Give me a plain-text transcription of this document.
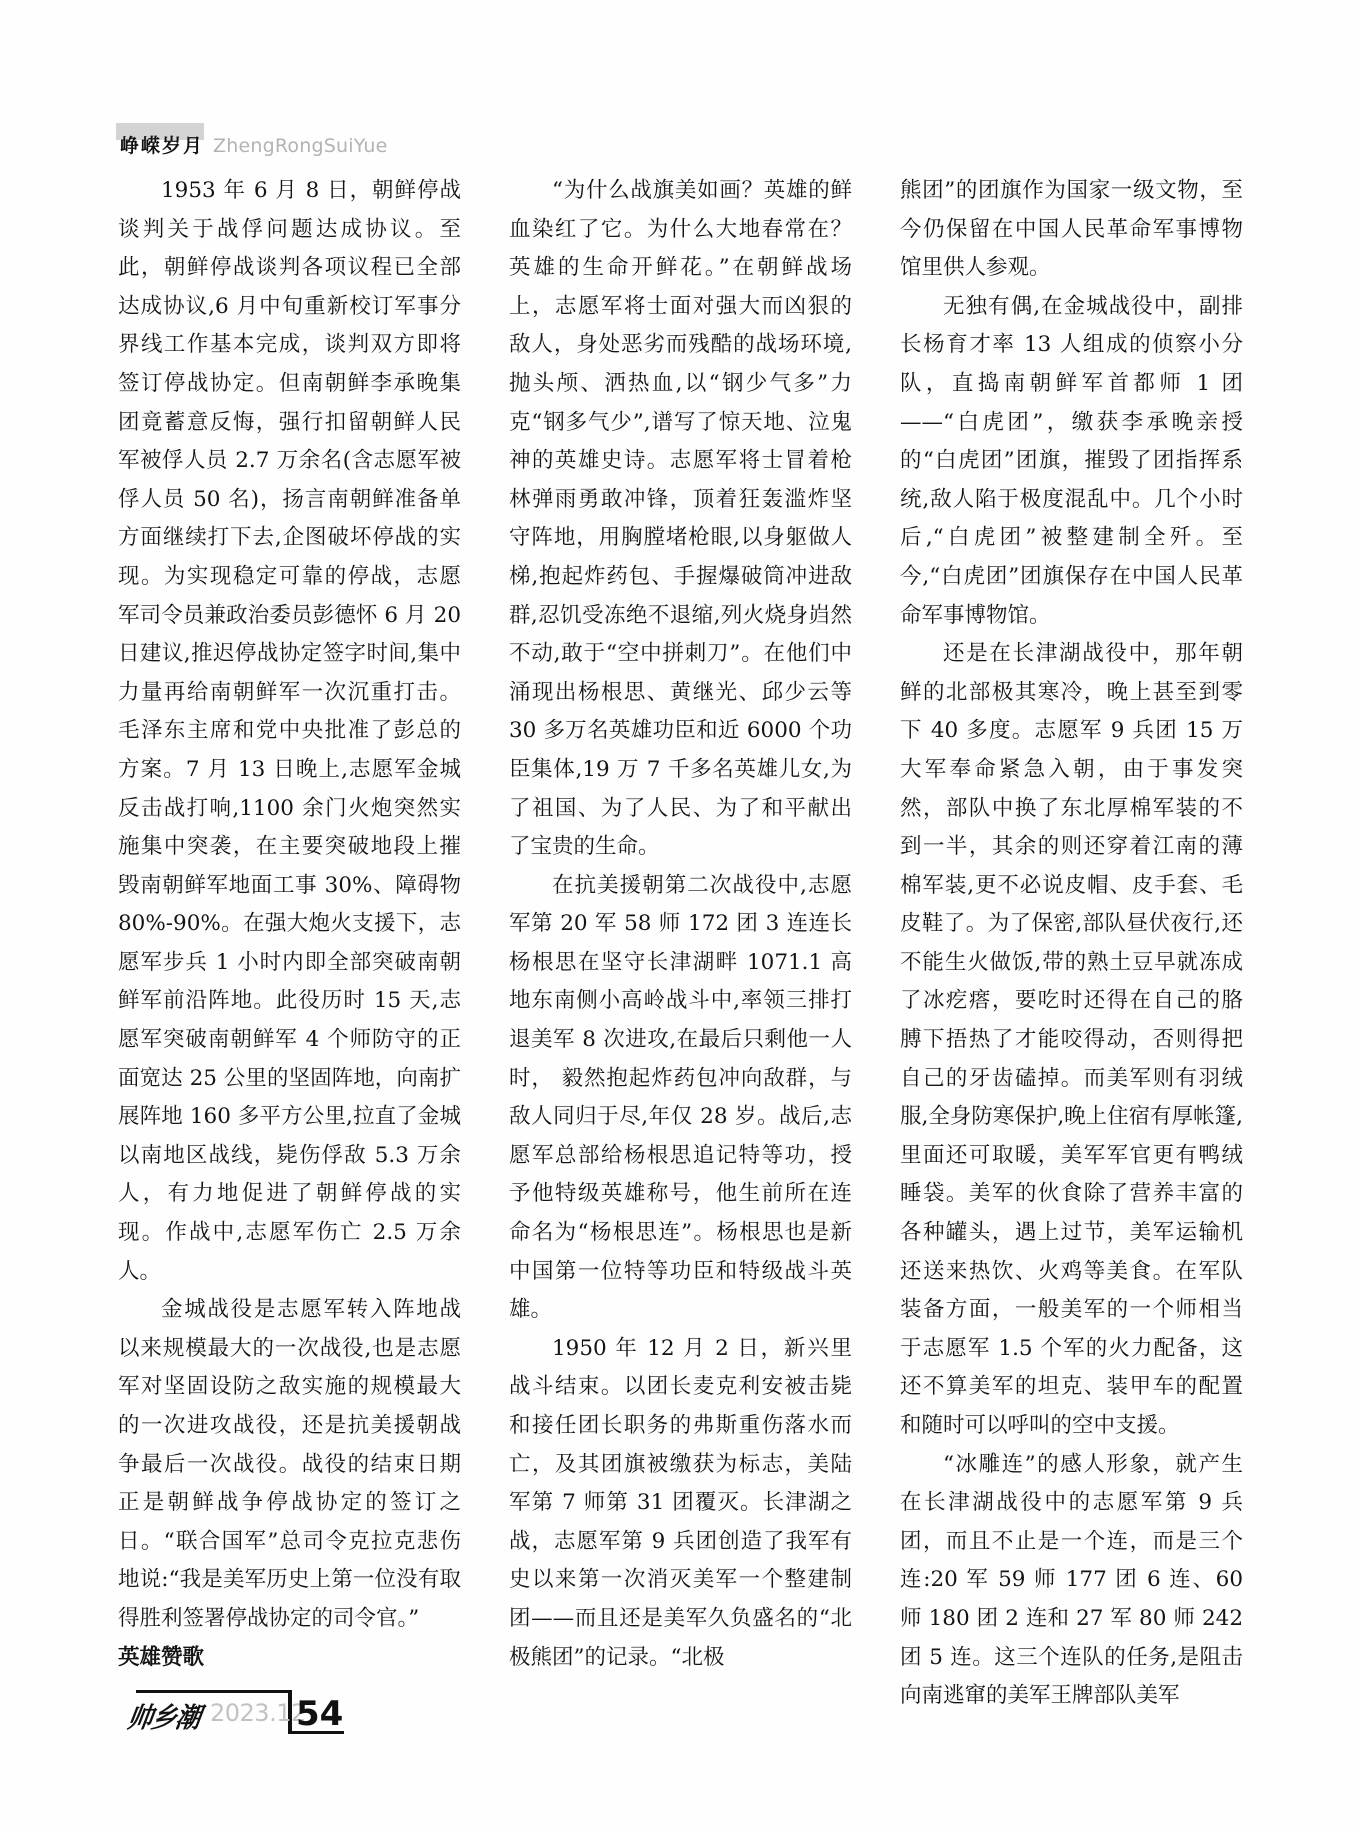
峥嵘岁月 ZhengRongSuiYue

1953 年 6 月 8 日，朝鲜停战谈判关于战俘问题达成协议。至此，朝鲜停战谈判各项议程已全部达成协议,6 月中旬重新校订军事分界线工作基本完成，谈判双方即将签订停战协定。但南朝鲜李承晚集团竟蓄意反悔，强行扣留朝鲜人民军被俘人员 2.7 万余名(含志愿军被俘人员 50 名)，扬言南朝鲜准备单方面继续打下去,企图破坏停战的实现。为实现稳定可靠的停战，志愿军司令员兼政治委员彭德怀 6 月 20 日建议,推迟停战协定签字时间,集中力量再给南朝鲜军一次沉重打击。毛泽东主席和党中央批准了彭总的方案。7 月 13 日晚上,志愿军金城反击战打响,1100 余门火炮突然实施集中突袭，在主要突破地段上摧毁南朝鲜军地面工事 30%、障碍物 80%-90%。在强大炮火支援下，志愿军步兵 1 小时内即全部突破南朝鲜军前沿阵地。此役历时 15 天,志愿军突破南朝鲜军 4 个师防守的正面宽达 25 公里的坚固阵地，向南扩展阵地 160 多平方公里,拉直了金城以南地区战线，毙伤俘敌 5.3 万余人，有力地促进了朝鲜停战的实现。作战中,志愿军伤亡 2.5 万余人。

金城战役是志愿军转入阵地战以来规模最大的一次战役,也是志愿军对坚固设防之敌实施的规模最大的一次进攻战役，还是抗美援朝战争最后一次战役。战役的结束日期正是朝鲜战争停战协定的签订之日。“联合国军”总司令克拉克悲伤地说:“我是美军历史上第一位没有取得胜利签署停战协定的司令官。”

英雄赞歌

“为什么战旗美如画？英雄的鲜血染红了它。为什么大地春常在？英雄的生命开鲜花。”在朝鲜战场上，志愿军将士面对强大而凶狠的敌人，身处恶劣而残酷的战场环境,抛头颅、洒热血,以“钢少气多”力克“钢多气少”,谱写了惊天地、泣鬼神的英雄史诗。志愿军将士冒着枪林弹雨勇敢冲锋，顶着狂轰滥炸坚守阵地，用胸膛堵枪眼,以身躯做人梯,抱起炸药包、手握爆破筒冲进敌群,忍饥受冻绝不退缩,列火烧身岿然不动,敢于“空中拼刺刀”。在他们中涌现出杨根思、黄继光、邱少云等 30 多万名英雄功臣和近 6000 个功臣集体,19 万 7 千多名英雄儿女,为了祖国、为了人民、为了和平献出了宝贵的生命。

在抗美援朝第二次战役中,志愿军第 20 军 58 师 172 团 3 连连长杨根思在坚守长津湖畔 1071.1 高地东南侧小高岭战斗中,率领三排打退美军 8 次进攻,在最后只剩他一人时， 毅然抱起炸药包冲向敌群，与敌人同归于尽,年仅 28 岁。战后,志愿军总部给杨根思追记特等功，授予他特级英雄称号，他生前所在连命名为“杨根思连”。杨根思也是新中国第一位特等功臣和特级战斗英雄。

1950 年 12 月 2 日，新兴里战斗结束。以团长麦克利安被击毙和接任团长职务的弗斯重伤落水而亡，及其团旗被缴获为标志，美陆军第 7 师第 31 团覆灭。长津湖之战，志愿军第 9 兵团创造了我军有史以来第一次消灭美军一个整建制团——而且还是美军久负盛名的“北极熊团”的记录。“北极

熊团”的团旗作为国家一级文物，至今仍保留在中国人民革命军事博物馆里供人参观。

无独有偶,在金城战役中，副排长杨育才率 13 人组成的侦察小分队，直捣南朝鲜军首都师 1 团——“白虎团”，缴获李承晚亲授的“白虎团”团旗，摧毁了团指挥系统,敌人陷于极度混乱中。几个小时后,“白虎团”被整建制全歼。至今,“白虎团”团旗保存在中国人民革命军事博物馆。

还是在长津湖战役中，那年朝鲜的北部极其寒冷，晚上甚至到零下 40 多度。志愿军 9 兵团 15 万大军奉命紧急入朝，由于事发突然，部队中换了东北厚棉军装的不到一半，其余的则还穿着江南的薄棉军装,更不必说皮帽、皮手套、毛皮鞋了。为了保密,部队昼伏夜行,还不能生火做饭,带的熟土豆早就冻成了冰疙瘩，要吃时还得在自己的胳膊下捂热了才能咬得动，否则得把自己的牙齿磕掉。而美军则有羽绒服,全身防寒保护,晚上住宿有厚帐篷,里面还可取暖，美军军官更有鸭绒睡袋。美军的伙食除了营养丰富的各种罐头，遇上过节，美军运输机还送来热饮、火鸡等美食。在军队装备方面，一般美军的一个师相当于志愿军 1.5 个军的火力配备，这还不算美军的坦克、装甲车的配置和随时可以呼叫的空中支援。

“冰雕连”的感人形象，就产生在长津湖战役中的志愿军第 9 兵团，而且不止是一个连，而是三个连:20 军 59 师 177 团 6 连、60 师 180 团 2 连和 27 军 80 师 242 团 5 连。这三个连队的任务,是阻击向南逃窜的美军王牌部队美军

帅乡潮 2023.12
54
